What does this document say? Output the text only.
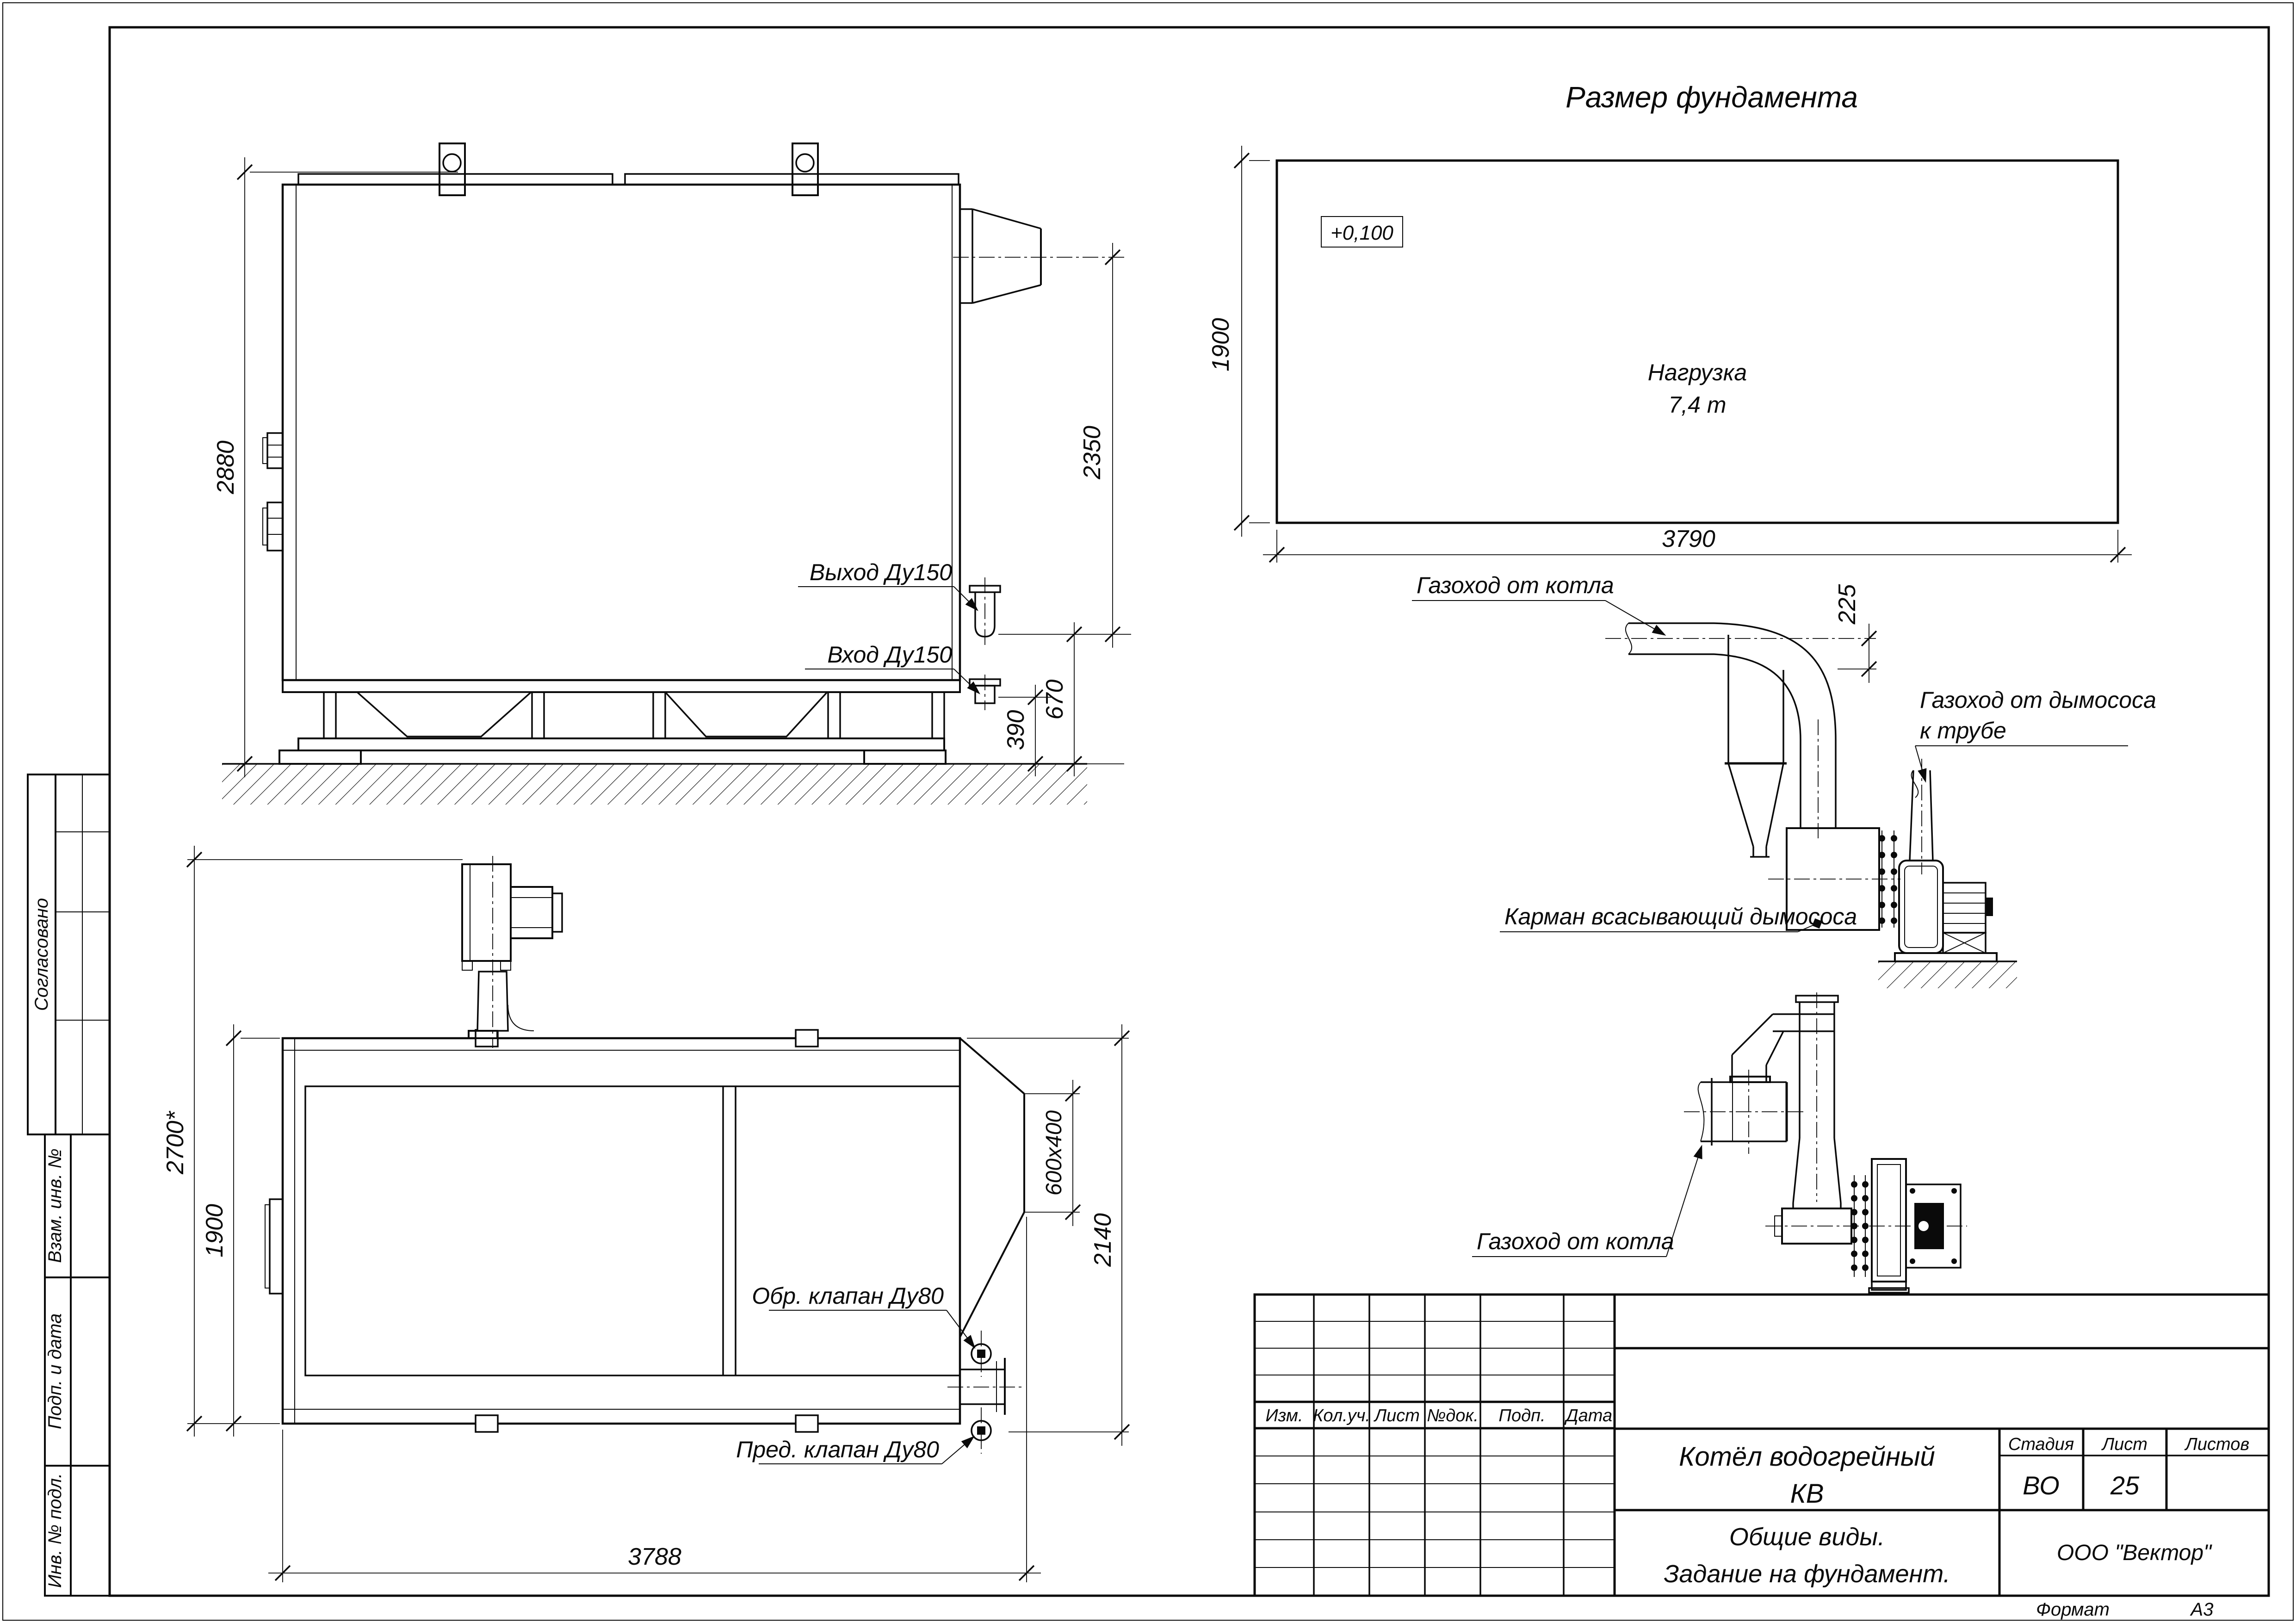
Согласовано
Взам. инв. №
Подп. и дата
Инв. № подл.
Выход Ду150
Вход Ду150
2880	2350
670
390
2700*
1900
3788
600х400
2140
Обр. клапан Ду80
Пред. клапан Ду80
Размер фундамента
+0,100
Нагрузка
7,4 т
1900
3790
Газоход от котла	225
Карман всасывающий дымососа
Газоход от дымососа
к трубе
Газоход от котла
Изм. Кол.уч. Лист №док. Подп. Дата
Котёл водогрейный
КВ
Стадия Лист Листов
ВО 25
Общие виды.
Задание на фундамент.
ООО "Вектор"
Формат	А3
